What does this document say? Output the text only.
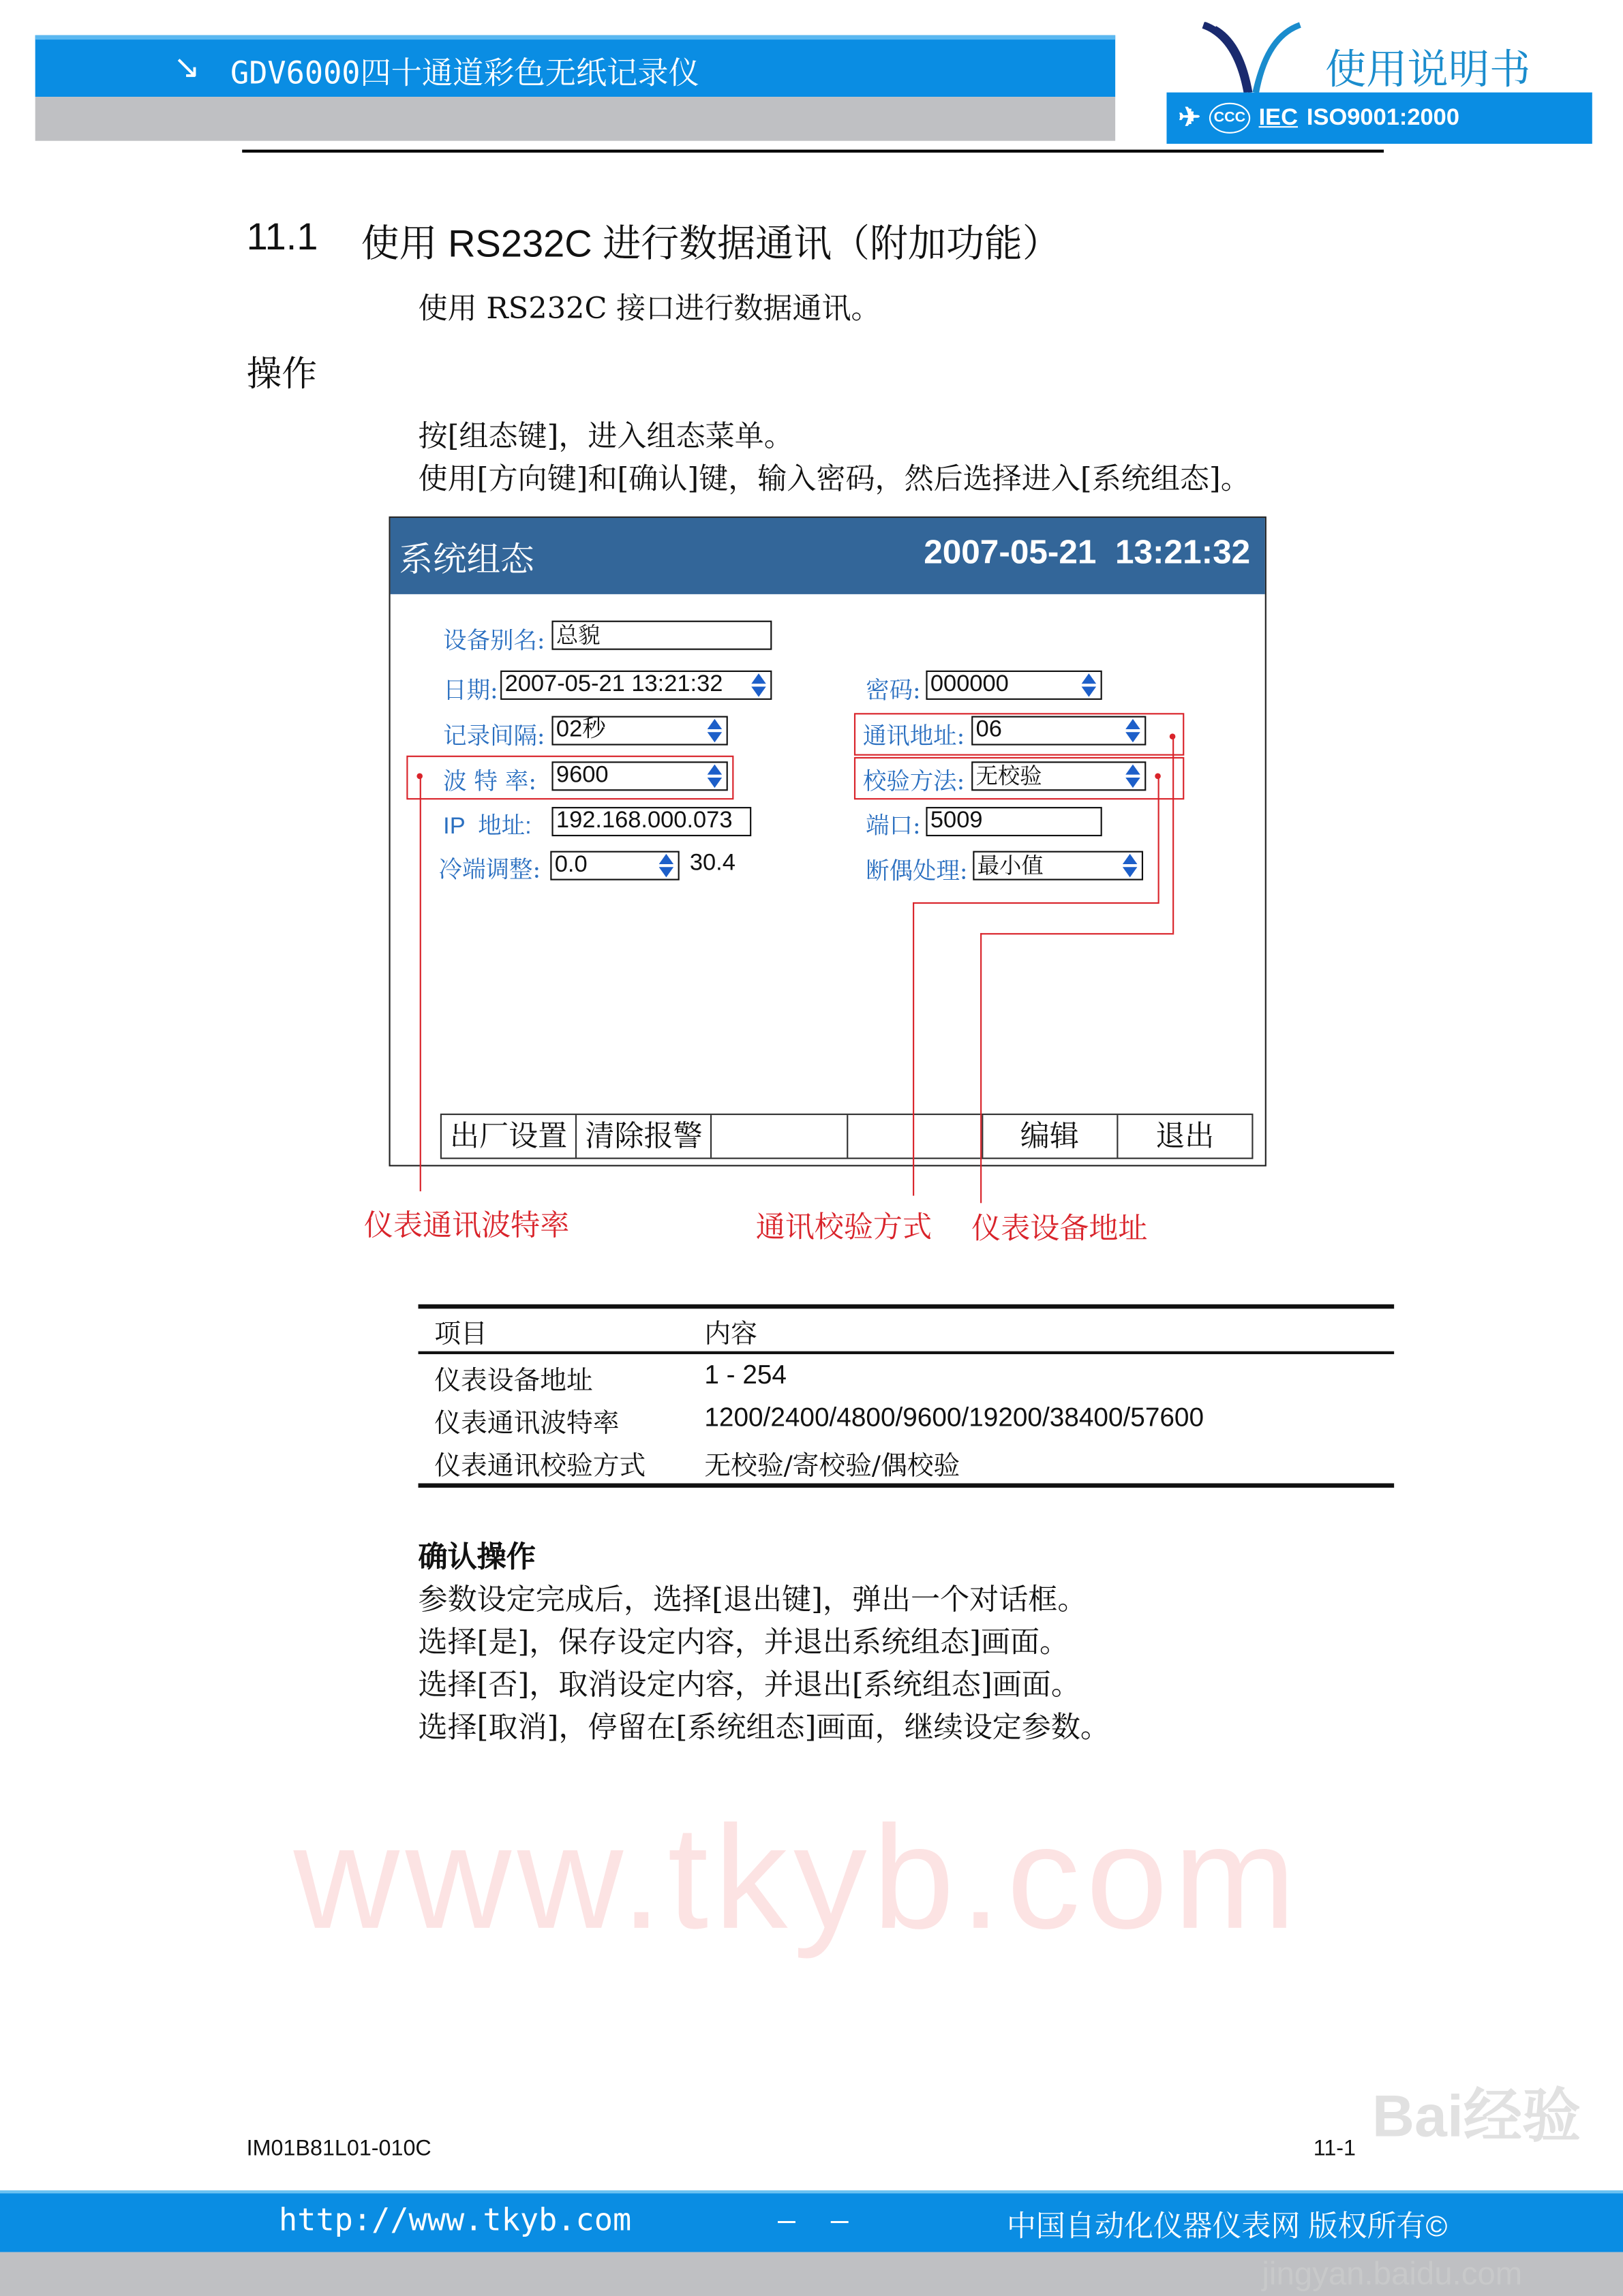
↘ GDV6000四十通道彩色无纸记录仪	使用说明书
✈	CCC	IEC ISO9001:2000
11.1 使用 RS232C 进行数据通讯（附加功能）
使用 RS232C 接口进行数据通讯。
操作
按[组态键]，进入组态菜单。
使用[方向键]和[确认]键，输入密码，然后选择进入[系统组态]。
系统组态	2007-05-21  13:21:32
设备别名:	总貌
日期: 2007-05-21 13:21:32
记录间隔:	02秒
波 特 率:	9600
IP  地址:	192.168.000.073
冷端调整:	0.0	30.4
密码: 000000
通讯地址:	06
校验方法:	无校验
端口: 5009
断偶处理: 最小值
出厂设置	清除报警	编辑	退出
仪表通讯波特率	通讯校验方式	仪表设备地址
项目	内容
仪表设备地址	1 - 254
仪表通讯波特率	1200/2400/4800/9600/19200/38400/57600
仪表通讯校验方式	无校验/寄校验/偶校验
确认操作
参数设定完成后，选择[退出键]，弹出一个对话框。
选择[是]，保存设定内容，并退出系统组态]画面。
选择[否]，取消设定内容，并退出[系统组态]画面。
选择[取消]，停留在[系统组态]画面，继续设定参数。
www.tkyb.com
IM01B81L01-010C	11-1 Bai经验
http://www.tkyb.com	—  —	中国自动化仪器仪表网 版权所有©
jingyan.baidu.com
